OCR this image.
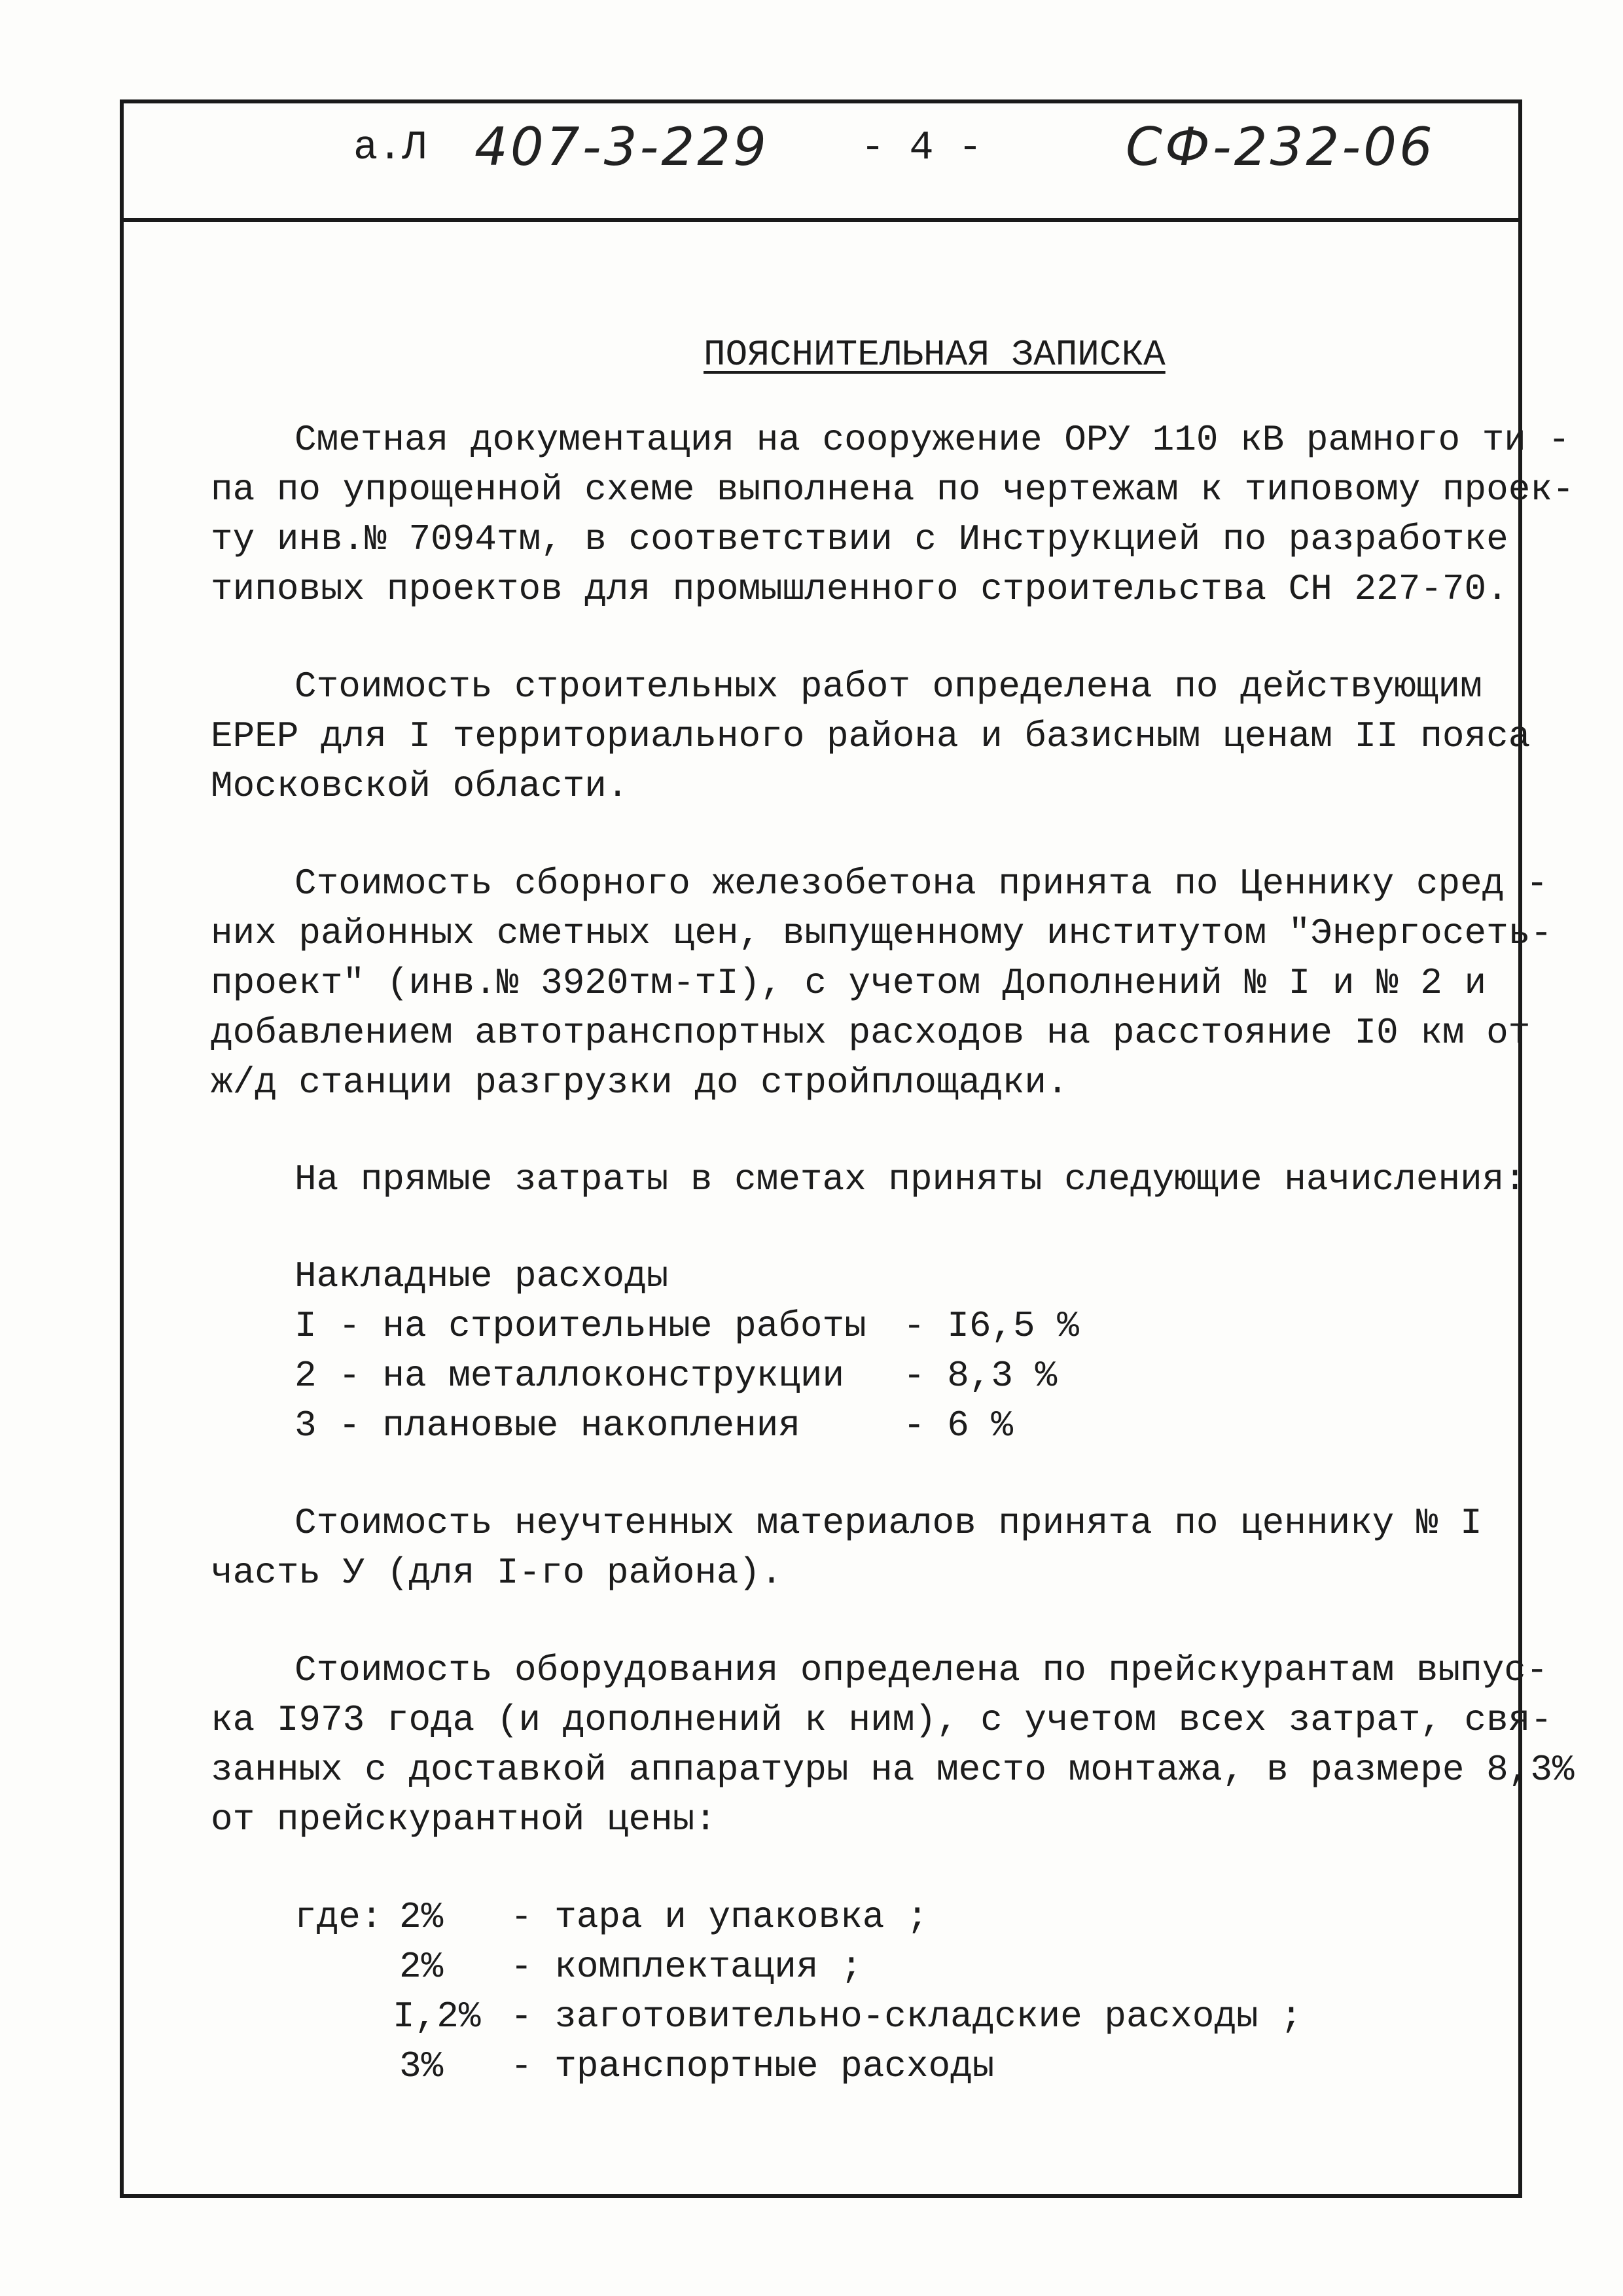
а.Л 407-3-229 - 4 -	СФ-232-06
ПОЯСНИТЕЛЬНАЯ ЗАПИСКА
Сметная документация на сооружение ОРУ 110 кВ рамного ти -
па по упрощенной схеме выполнена по чертежам к типовому проек-
ту инв.№ 7094тм, в соответствии с Инструкцией по разработке
типовых проектов для промышленного строительства СН 227-70.
Стоимость строительных работ определена по действующим
ЕРЕР для I территориального района и базисным ценам II пояса
Московской области.
Стоимость сборного железобетона принята по Ценнику сред -
них районных сметных цен, выпущенному институтом "Энергосеть-
проект" (инв.№ 3920тм-тI), с учетом Дополнений № I и № 2 и
добавлением автотранспортных расходов на расстояние I0 км от
ж/д станции разгрузки до стройплощадки.
На прямые затраты в сметах приняты следующие начисления:
Накладные расходы
I - на строительные работы - I6,5 %
2 - на металлоконструкции - 8,3 %
3 - плановые накопления	- 6 %
Стоимость неучтенных материалов принята по ценнику № I
часть У (для I-го района).
Стоимость оборудования определена по прейскурантам выпус-
ка I973 года (и дополнений к ним), с учетом всех затрат, свя-
занных с доставкой аппаратуры на место монтажа, в размере 8,3%
от прейскурантной цены:
где: 2% - тара и упаковка ;
2% - комплектация ;
I,2% - заготовительно-складские расходы ;
3% - транспортные расходы
